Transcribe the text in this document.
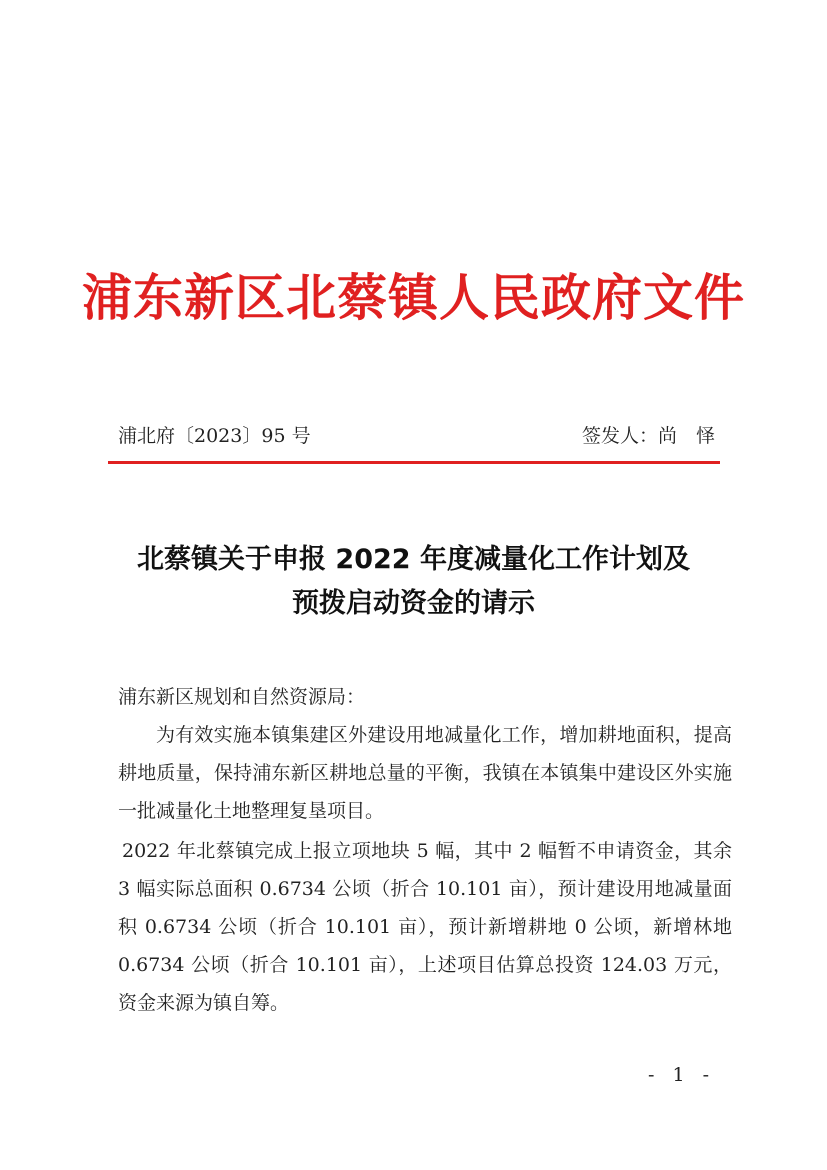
浦东新区北蔡镇人民政府文件
浦北府〔2023〕95 号	签发人：尚　怿
北蔡镇关于申报 2022 年度减量化工作计划及
预拨启动资金的请示

浦东新区规划和自然资源局：

为有效实施本镇集建区外建设用地减量化工作，增加耕地面积，提高耕地质量，保持浦东新区耕地总量的平衡，我镇在本镇集中建设区外实施一批减量化土地整理复垦项目。

2022 年北蔡镇完成上报立项地块 5 幅，其中 2 幅暂不申请资金，其余 3 幅实际总面积 0.6734 公顷（折合 10.101 亩），预计建设用地减量面积 0.6734 公顷（折合 10.101 亩），预计新增耕地 0 公顷，新增林地 0.6734 公顷（折合 10.101 亩），上述项目估算总投资 124.03 万元，资金来源为镇自筹。

- 1 -
